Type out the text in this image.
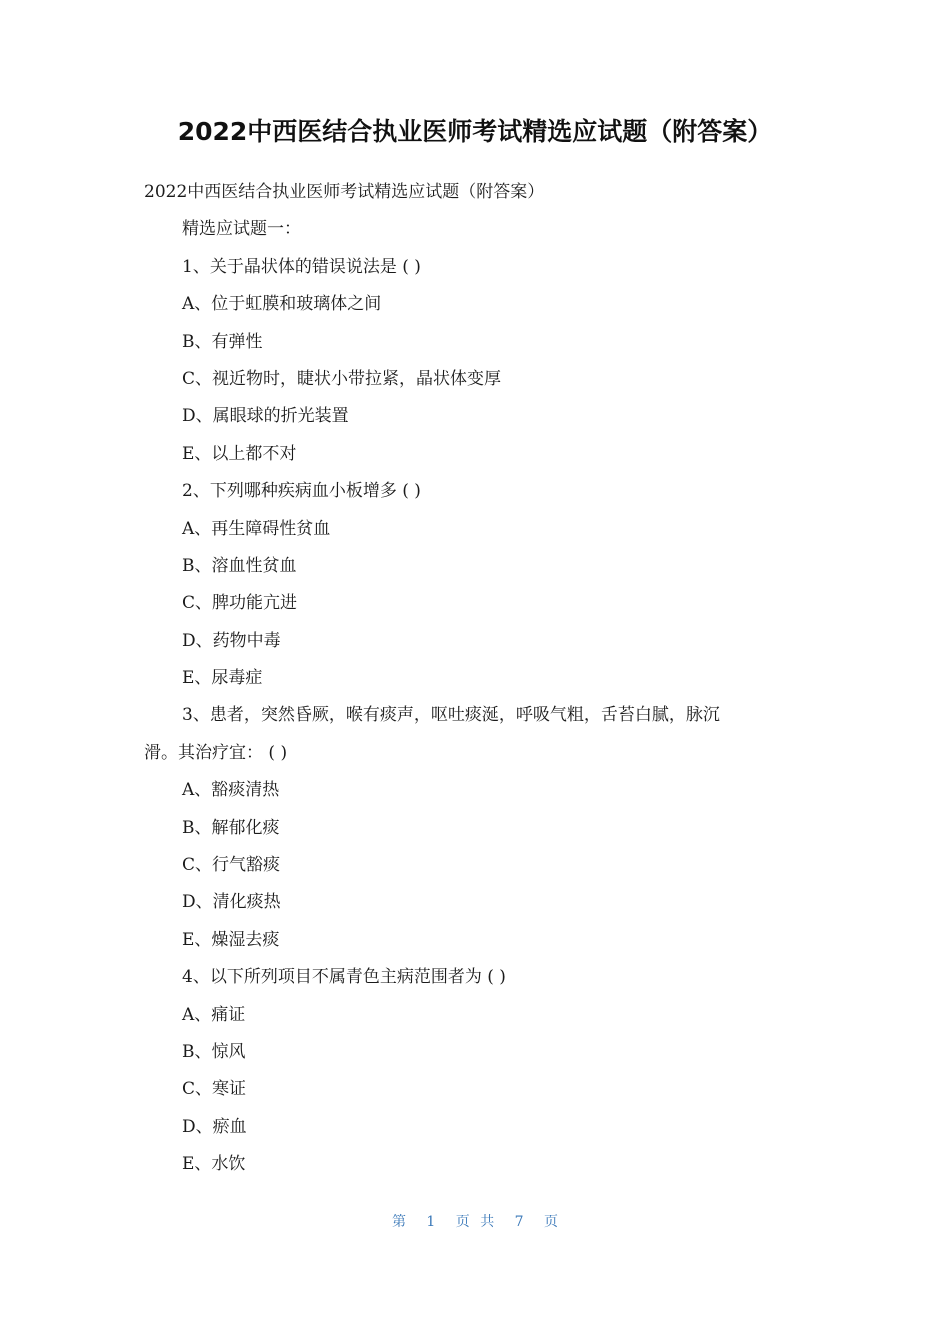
2022中西医结合执业医师考试精选应试题（附答案）
2022中西医结合执业医师考试精选应试题（附答案）
精选应试题一：
1、关于晶状体的错误说法是 ( )
A、位于虹膜和玻璃体之间
B、有弹性
C、视近物时，睫状小带拉紧，晶状体变厚
D、属眼球的折光装置
E、以上都不对
2、下列哪种疾病血小板增多 ( )
A、再生障碍性贫血
B、溶血性贫血
C、脾功能亢进
D、药物中毒
E、尿毒症
3、患者，突然昏厥，喉有痰声，呕吐痰涎，呼吸气粗，舌苔白腻，脉沉
滑。其治疗宜： ( )
A、豁痰清热
B、解郁化痰
C、行气豁痰
D、清化痰热
E、燥湿去痰
4、以下所列项目不属青色主病范围者为 ( )
A、痛证
B、惊风
C、寒证
D、瘀血
E、水饮
第 1 页 共 7 页
